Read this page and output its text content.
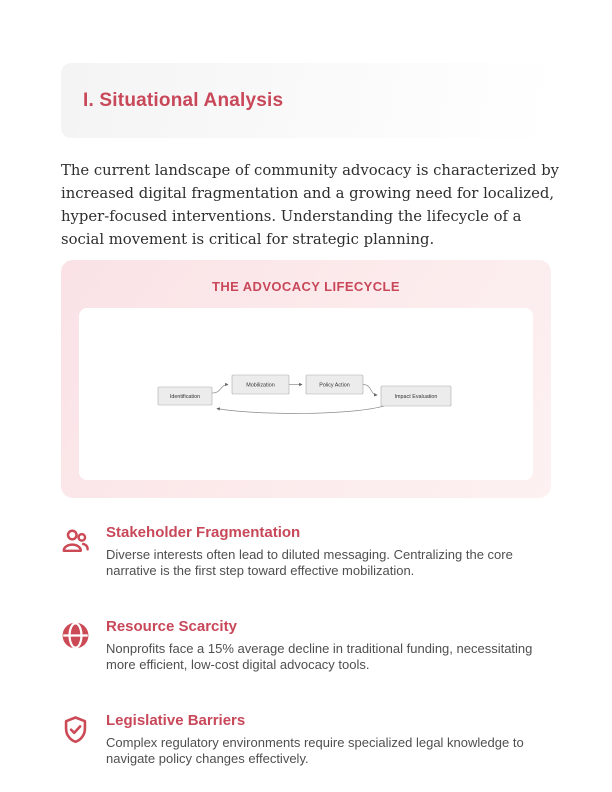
I. Situational Analysis

The current landscape of community advocacy is characterized by increased digital fragmentation and a growing need for localized, hyper-focused interventions. Understanding the lifecycle of a social movement is critical for strategic planning.

THE ADVOCACY LIFECYCLE
Identification
Mobilization	Policy Action
Impact Evaluation
Stakeholder Fragmentation
Diverse interests often lead to diluted messaging. Centralizing the core narrative is the first step toward effective mobilization.
Resource Scarcity
Nonprofits face a 15% average decline in traditional funding, necessitating more efficient, low-cost digital advocacy tools.
Legislative Barriers
Complex regulatory environments require specialized legal knowledge to navigate policy changes effectively.
